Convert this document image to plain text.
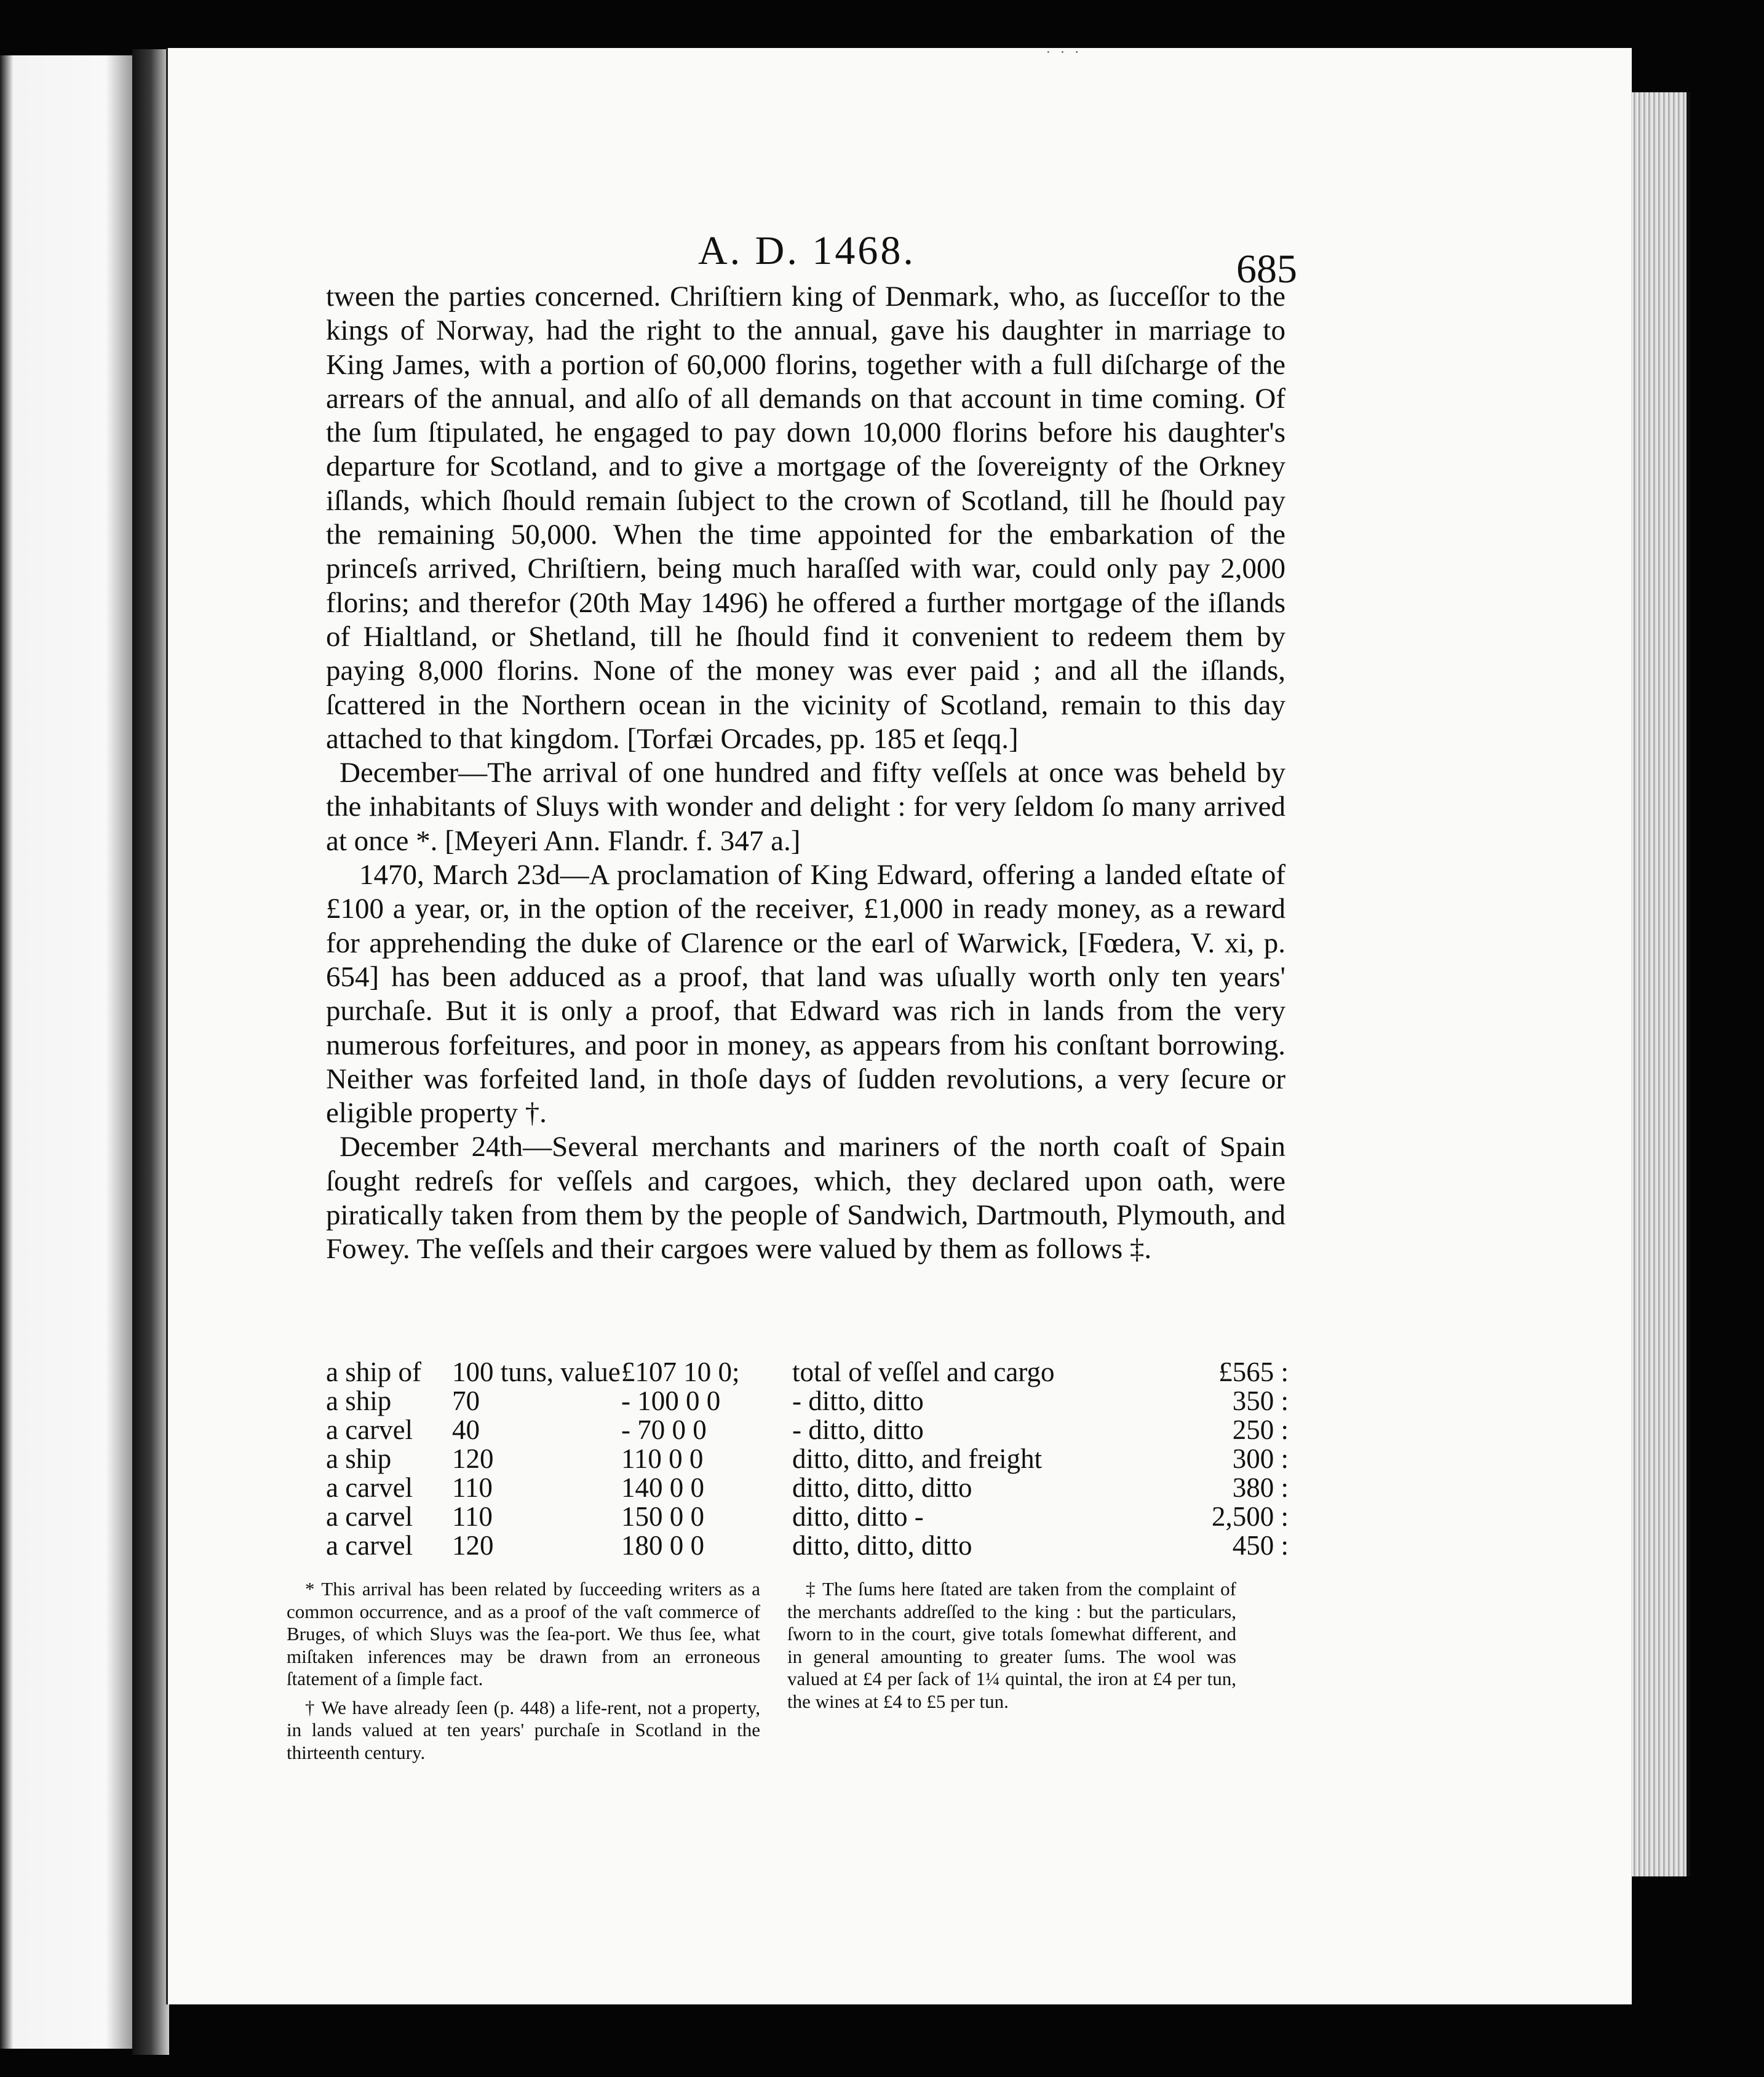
· · ·
A. D. 1468.	685

tween the parties concerned. Chriſtiern king of Denmark, who, as ſucceſſor to the kings of Norway, had the right to the annual, gave his daughter in marriage to King James, with a portion of 60,000 florins, together with a full diſcharge of the arrears of the annual, and alſo of all demands on that account in time coming. Of the ſum ſtipulated, he engaged to pay down 10,000 florins before his daughter's departure for Scotland, and to give a mortgage of the ſovereignty of the Orkney iſlands, which ſhould remain ſubject to the crown of Scotland, till he ſhould pay the remaining 50,000. When the time appointed for the embarkation of the princeſs arrived, Chriſtiern, being much haraſſed with war, could only pay 2,000 florins; and therefor (20th May 1496) he offered a further mortgage of the iſlands of Hialtland, or Shetland, till he ſhould find it convenient to redeem them by paying 8,000 florins. None of the money was ever paid ; and all the iſlands, ſcattered in the Northern ocean in the vicinity of Scotland, remain to this day attached to that kingdom. [Torfæi Orcades, pp. 185 et ſeqq.]

December—The arrival of one hundred and fifty veſſels at once was beheld by the inhabitants of Sluys with wonder and delight : for very ſeldom ſo many arrived at once *. [Meyeri Ann. Flandr. f. 347 a.]

1470, March 23d—A proclamation of King Edward, offering a landed eſtate of £100 a year, or, in the option of the receiver, £1,000 in ready money, as a reward for apprehending the duke of Clarence or the earl of Warwick, [Fœdera, V. xi, p. 654] has been adduced as a proof, that land was uſually worth only ten years' purchaſe. But it is only a proof, that Edward was rich in lands from the very numerous forfeitures, and poor in money, as appears from his conſtant borrowing. Neither was forfeited land, in thoſe days of ſudden revolutions, a very ſecure or eligible property †.

December 24th—Several merchants and mariners of the north coaſt of Spain ſought redreſs for veſſels and cargoes, which, they declared upon oath, were piratically taken from them by the people of Sandwich, Dartmouth, Plymouth, and Fowey. The veſſels and their cargoes were valued by them as follows ‡.

a ship of 100 tuns, value £107 10 0; total of veſſel and cargo	£565 :
a ship 70	- 100 0 0	- ditto, ditto	350 :
a carvel 40	- 70 0 0	- ditto, ditto	250 :
a ship 120	110 0 0	ditto, ditto, and freight	300 :
a carvel 110	140 0 0	ditto, ditto, ditto	380 :
a carvel 110	150 0 0	ditto, ditto -	2,500 :
a carvel 120	180 0 0	ditto, ditto, ditto	450 :

* This arrival has been related by ſucceeding writers as a common occurrence, and as a proof of the vaſt commerce of Bruges, of which Sluys was the ſea-port. We thus ſee, what miſtaken inferences may be drawn from an erroneous ſtatement of a ſimple fact.

† We have already ſeen (p. 448) a life-rent, not a property, in lands valued at ten years' purchaſe in Scotland in the thirteenth century.

‡ The ſums here ſtated are taken from the complaint of the merchants addreſſed to the king : but the particulars, ſworn to in the court, give totals ſomewhat different, and in general amounting to greater ſums. The wool was valued at £4 per ſack of 1¼ quintal, the iron at £4 per tun, the wines at £4 to £5 per tun.
